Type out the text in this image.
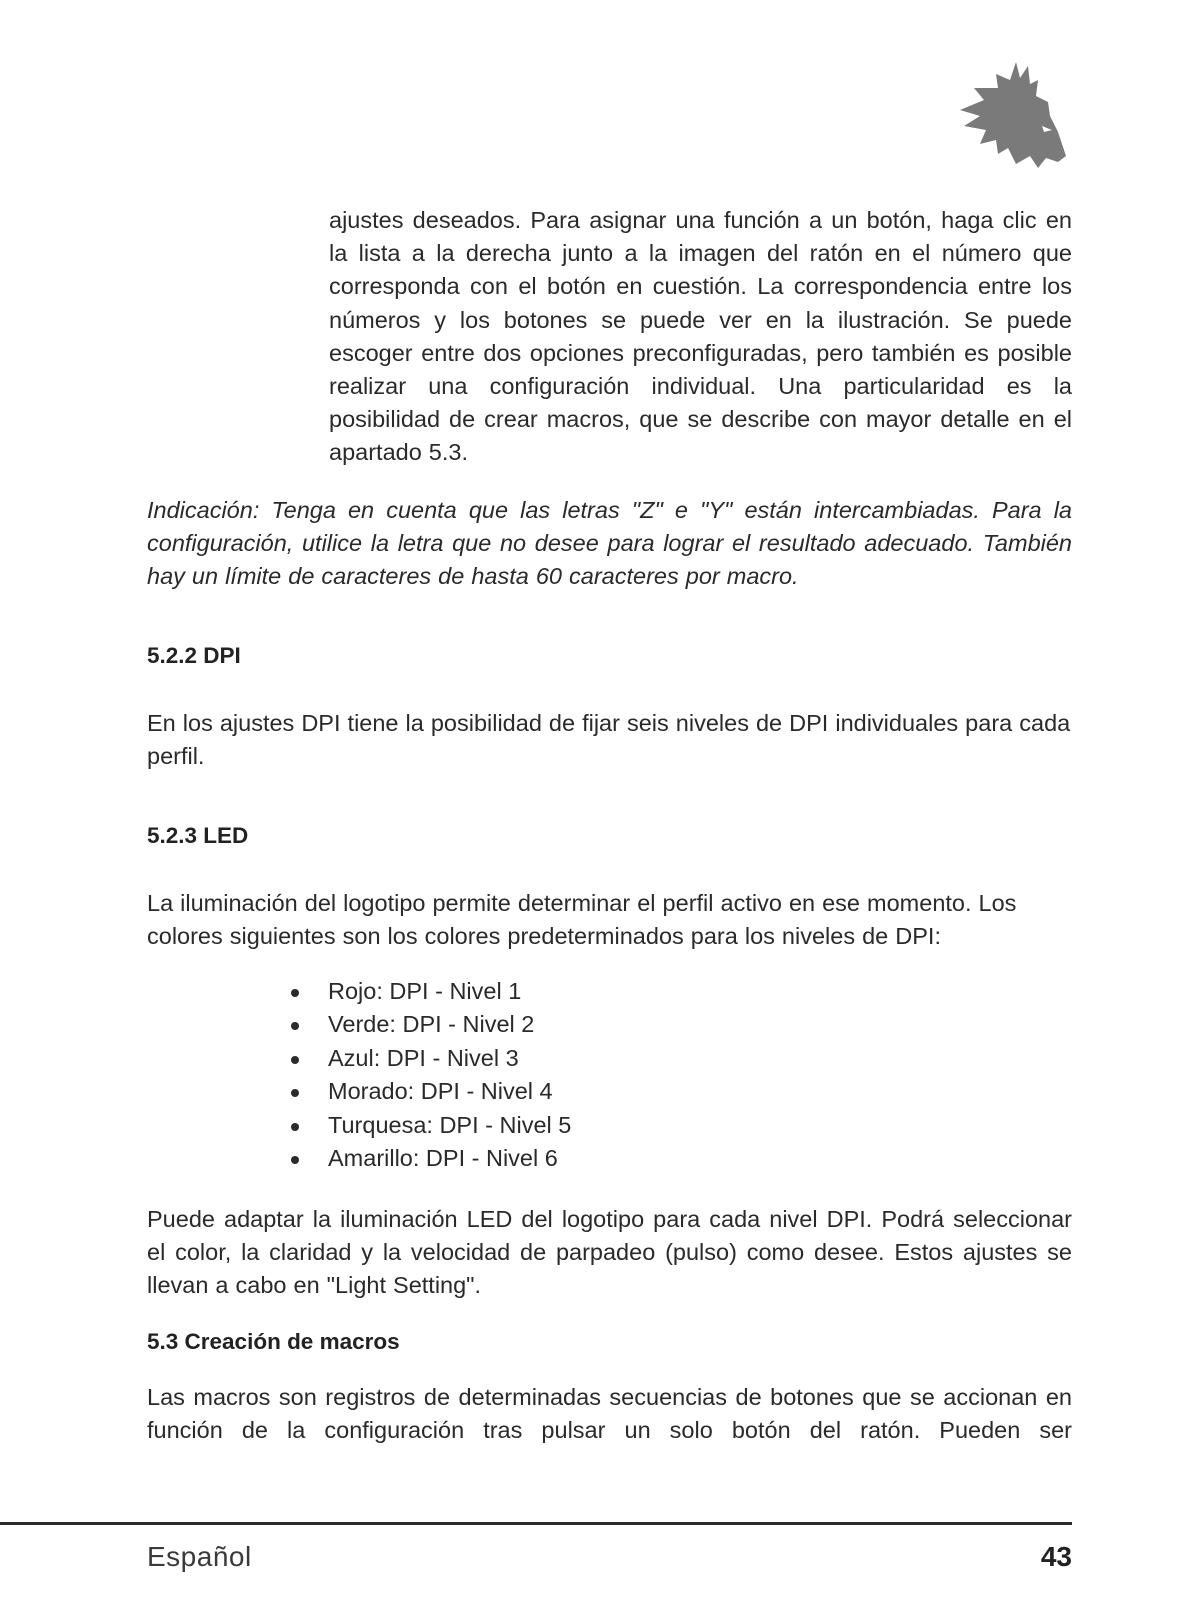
ajustes deseados. Para asignar una función a un botón, haga clic en la lista a la derecha junto a la imagen del ratón en el número que corresponda con el botón en cuestión. La correspondencia entre los números y los botones se puede ver en la ilustración. Se puede escoger entre dos opciones preconfiguradas, pero también es posible realizar una configuración individual. Una particularidad es la posibilidad de crear macros, que se describe con mayor detalle en el apartado 5.3.
Indicación: Tenga en cuenta que las letras "Z" e "Y" están intercambiadas. Para la configuración, utilice la letra que no desee para lograr el resultado adecuado. También hay un límite de caracteres de hasta 60 caracteres por macro.
5.2.2 DPI
En los ajustes DPI tiene la posibilidad de fijar seis niveles de DPI individuales para cada perfil.
5.2.3 LED
La iluminación del logotipo permite determinar el perfil activo en ese momento. Los colores siguientes son los colores predeterminados para los niveles de DPI:
Rojo: DPI - Nivel 1
Verde: DPI - Nivel 2
Azul: DPI - Nivel 3
Morado: DPI - Nivel 4
Turquesa: DPI - Nivel 5
Amarillo: DPI - Nivel 6
Puede adaptar la iluminación LED del logotipo para cada nivel DPI. Podrá seleccionar el color, la claridad y la velocidad de parpadeo (pulso) como desee. Estos ajustes se llevan a cabo en "Light Setting".
5.3 Creación de macros
Las macros son registros de determinadas secuencias de botones que se accionan en función de la configuración tras pulsar un solo botón del ratón. Pueden ser
Español	43
